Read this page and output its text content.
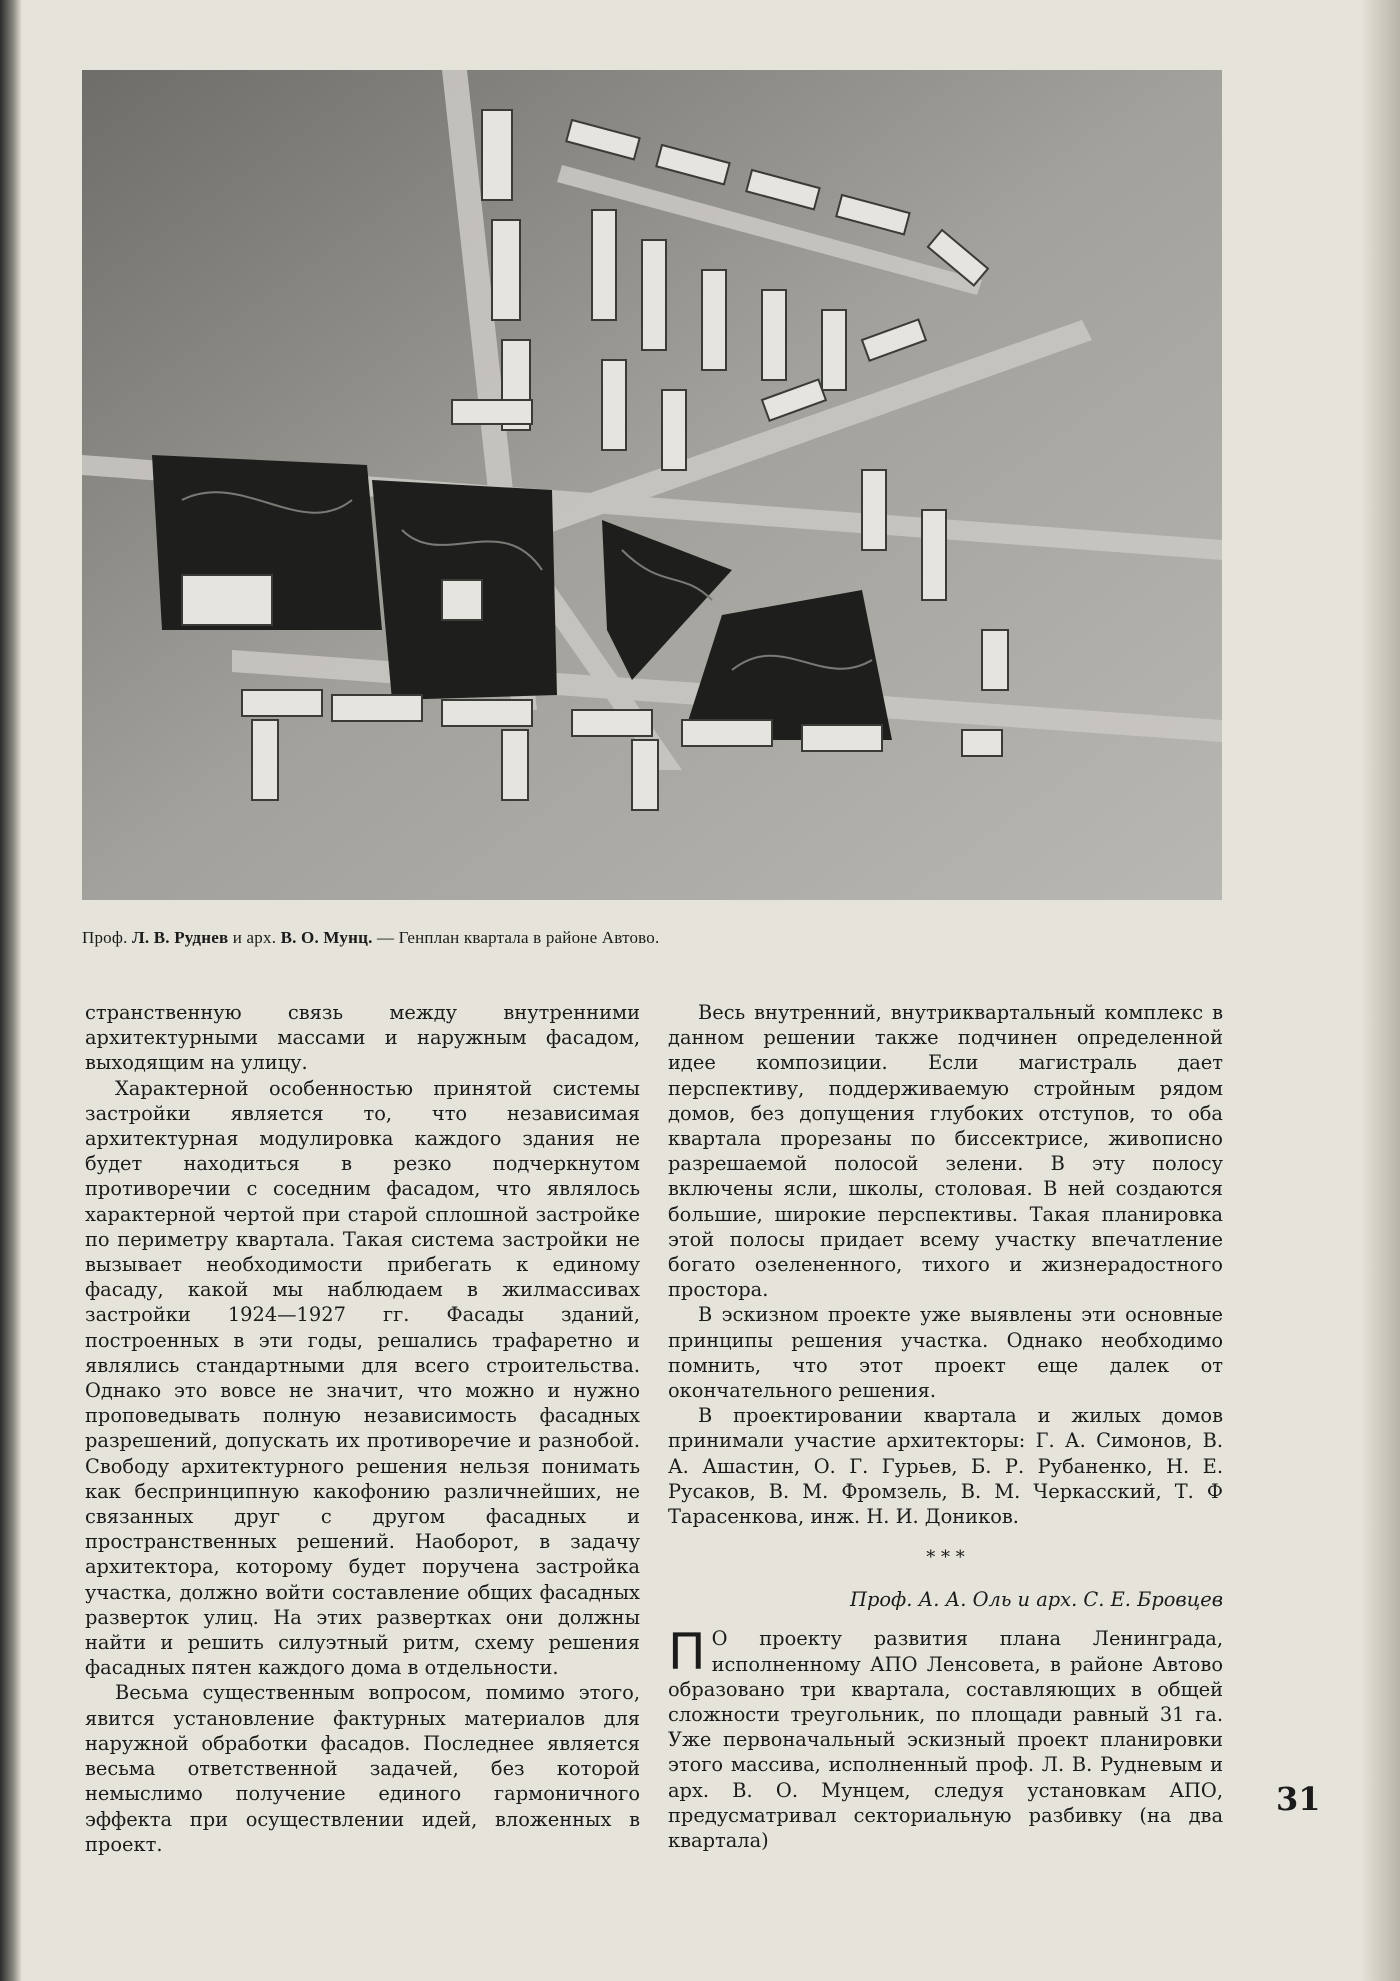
Проф. Л. В. Руднев и арх. В. О. Мунц. — Генплан квартала в районе Автово.

странственную связь между внутренними архитектурными массами и наружным фасадом, выходящим на улицу.

Характерной особенностью принятой системы застройки является то, что независимая архитектурная модулировка каждого здания не будет находиться в резко подчеркнутом противоречии с соседним фасадом, что являлось характерной чертой при старой сплошной застройке по периметру квартала. Такая система застройки не вызывает необходимости прибегать к единому фасаду, какой мы наблюдаем в жилмассивах застройки 1924—1927 гг. Фасады зданий, построенных в эти годы, решались трафаретно и являлись стандартными для всего строительства. Однако это вовсе не значит, что можно и нужно проповедывать полную независимость фасадных разрешений, допускать их противоречие и разнобой. Свободу архитектурного решения нельзя понимать как беспринципную какофонию различнейших, не связанных друг с другом фасадных и пространственных решений. Наоборот, в задачу архитектора, которому будет поручена застройка участка, должно войти составление общих фасадных разверток улиц. На этих развертках они должны найти и решить силуэтный ритм, схему решения фасадных пятен каждого дома в отдельности.

Весьма существенным вопросом, помимо этого, явится установление фактурных материалов для наружной обработки фасадов. Последнее является весьма ответственной задачей, без которой немыслимо получение единого гармоничного эффекта при осуществлении идей, вложенных в проект.

Весь внутренний, внутриквартальный комплекс в данном решении также подчинен определенной идее композиции. Если магистраль дает перспективу, поддерживаемую стройным рядом домов, без допущения глубоких отступов, то оба квартала прорезаны по биссектрисе, живописно разрешаемой полосой зелени. В эту полосу включены ясли, школы, столовая. В ней создаются большие, широкие перспективы. Такая планировка этой полосы придает всему участку впечатление богато озелененного, тихого и жизнерадостного простора.

В эскизном проекте уже выявлены эти основные принципы решения участка. Однако необходимо помнить, что этот проект еще далек от окончательного решения.

В проектировании квартала и жилых домов принимали участие архитекторы: Г. А. Симонов, В. А. Ашастин, О. Г. Гурьев, Б. Р. Рубаненко, Н. Е. Русаков, В. М. Фромзель, В. М. Черкасский, Т. Ф Тарасенкова, инж. Н. И. Доников.

* * *
Проф. А. А. Оль и арх. С. Е. Бровцев

П О проекту развития плана Ленинграда, исполненному АПО Ленсовета, в районе Автово образовано три квартала, составляющих в общей сложности треугольник, по площади равный 31 га. Уже первоначальный эскизный проект планировки этого массива, исполненный проф. Л. В. Рудневым и арх. В. О. Мунцем, следуя установкам АПО, предусматривал секториальную разбивку (на два квартала)

31
